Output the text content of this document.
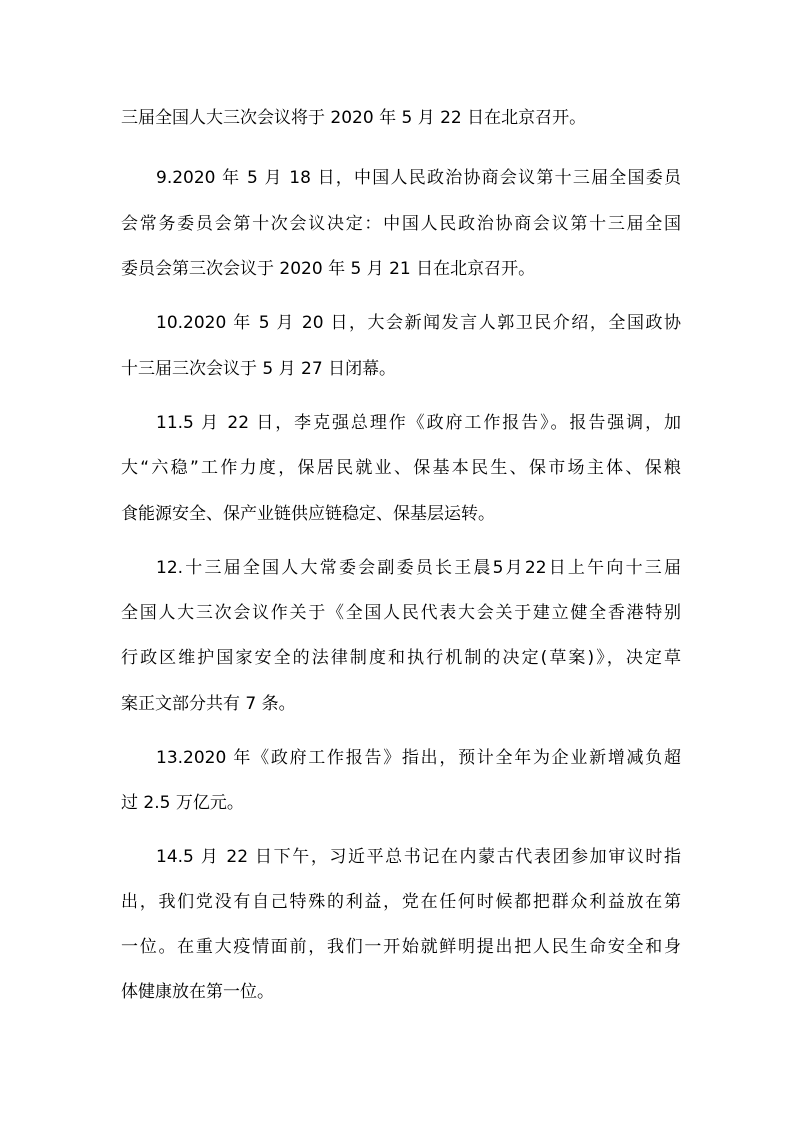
三届全国人大三次会议将于 2020 年 5 月 22 日在北京召开。
9.2020 年 5 月 18 日，中国人民政治协商会议第十三届全国委员
会常务委员会第十次会议决定：中国人民政治协商会议第十三届全国
委员会第三次会议于 2020 年 5 月 21 日在北京召开。
10.2020 年 5 月 20 日，大会新闻发言人郭卫民介绍，全国政协
十三届三次会议于 5 月 27 日闭幕。
11.5 月 22 日，李克强总理作《政府工作报告》。报告强调，加
大“六稳”工作力度，保居民就业、保基本民生、保市场主体、保粮
食能源安全、保产业链供应链稳定、保基层运转。
12.十三届全国人大常委会副委员长王晨5月22日上午向十三届
全国人大三次会议作关于《全国人民代表大会关于建立健全香港特别
行政区维护国家安全的法律制度和执行机制的决定(草案)》，决定草
案正文部分共有 7 条。
13.2020 年《政府工作报告》指出，预计全年为企业新增减负超
过 2.5 万亿元。
14.5 月 22 日下午，习近平总书记在内蒙古代表团参加审议时指
出，我们党没有自己特殊的利益，党在任何时候都把群众利益放在第
一位。在重大疫情面前，我们一开始就鲜明提出把人民生命安全和身
体健康放在第一位。
